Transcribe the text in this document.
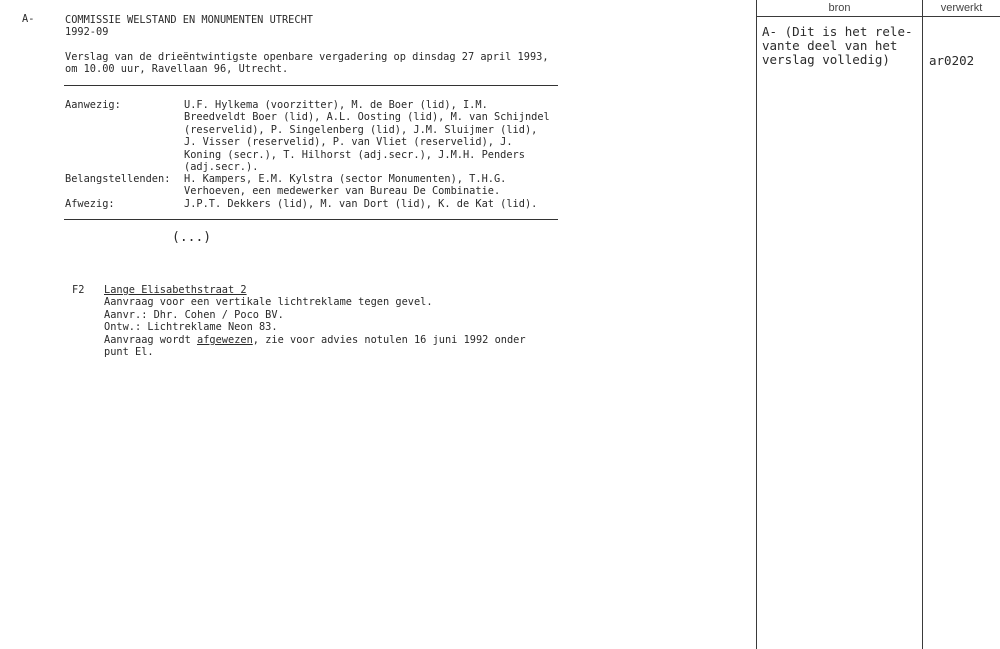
A-	COMMISSIE WELSTAND EN MONUMENTEN UTRECHT
1992-09
Verslag van de drieëntwintigste openbare vergadering op dinsdag 27 april 1993,
om 10.00 uur, Ravellaan 96, Utrecht.
Aanwezig:	U.F. Hylkema (voorzitter), M. de Boer (lid), I.M.
Breedveldt Boer (lid), A.L. Oosting (lid), M. van Schijndel
(reservelid), P. Singelenberg (lid), J.M. Sluijmer (lid),
J. Visser (reservelid), P. van Vliet (reservelid), J.
Koning (secr.), T. Hilhorst (adj.secr.), J.M.H. Penders
(adj.secr.).
Belangstellenden: H. Kampers, E.M. Kylstra (sector Monumenten), T.H.G.
Verhoeven, een medewerker van Bureau De Combinatie.
Afwezig:	J.P.T. Dekkers (lid), M. van Dort (lid), K. de Kat (lid).
(...)
F2 Lange Elisabethstraat 2
Aanvraag voor een vertikale lichtreklame tegen gevel.
Aanvr.: Dhr. Cohen / Poco BV.
Ontw.: Lichtreklame Neon 83.
Aanvraag wordt afgewezen, zie voor advies notulen 16 juni 1992 onder
punt El.
bron	verwerkt
A- (Dit is het rele-
vante deel van het
verslag volledig)	ar0202
